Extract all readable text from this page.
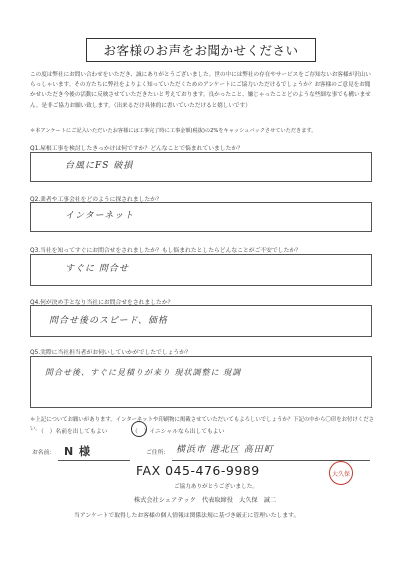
お客様のお声をお聞かせください
この度は弊社にお問い合わせをいただき、誠にありがとうございました。世の中には弊社の存在やサービスをご存知ないお客様が沢山いらっしゃいます。その方たちに弊社をよりよく知っていただくためのアンケートにご協力いただけるでしょうか？お客様のご意見をお聞かせいただき今後の活動に反映させていただきたいと考えております。良かったこと、嫌じゃったことどのような些細な事でも構いません。是非ご協力お願い致します。（出来るだけ具体的に書いていただけると嬉しいです）
＊本アンケートにご記入いただいたお客様には工事完了時に工事金額(税抜)の2%をキャッシュバックさせていただきます。
Q1.屋根工事を検討したきっかけは何ですか？どんなことで悩まれていましたか？
台風にFS 破損
Q2.業者や工事会社をどのように探されましたか？
インターネット
Q3.当社を知ってすぐにお問合せをされましたか？もし悩まれたとしたらどんなことがご不安でしたか？
すぐに 問合せ
Q4.何が決め手となり当社にお問合せをされましたか？
問合せ後のスピード、価格
Q5.実際に当社担当者がお伺いしていかがでしたでしょうか？
問合せ後、すぐに見積りが来り 現状調整に 現調
＊上記についてお願いがあります。インターネットや印刷物に掲載させていただいてもよろしいでしょうか？下記の中から〇印をお付けください。
（　）名前を出してもよい	（　）イニシャルなら出してもよい
お名前： N 様	ご住所： 横浜市 港北区 高田町
FAX 045-476-9989	大久保
ご協力ありがとうございました。
株式会社シェアテック　代表取締役　大久保　誠二
当アンケートで取得したお客様の個人情報は関係法規に基づき厳正に管理いたします。
